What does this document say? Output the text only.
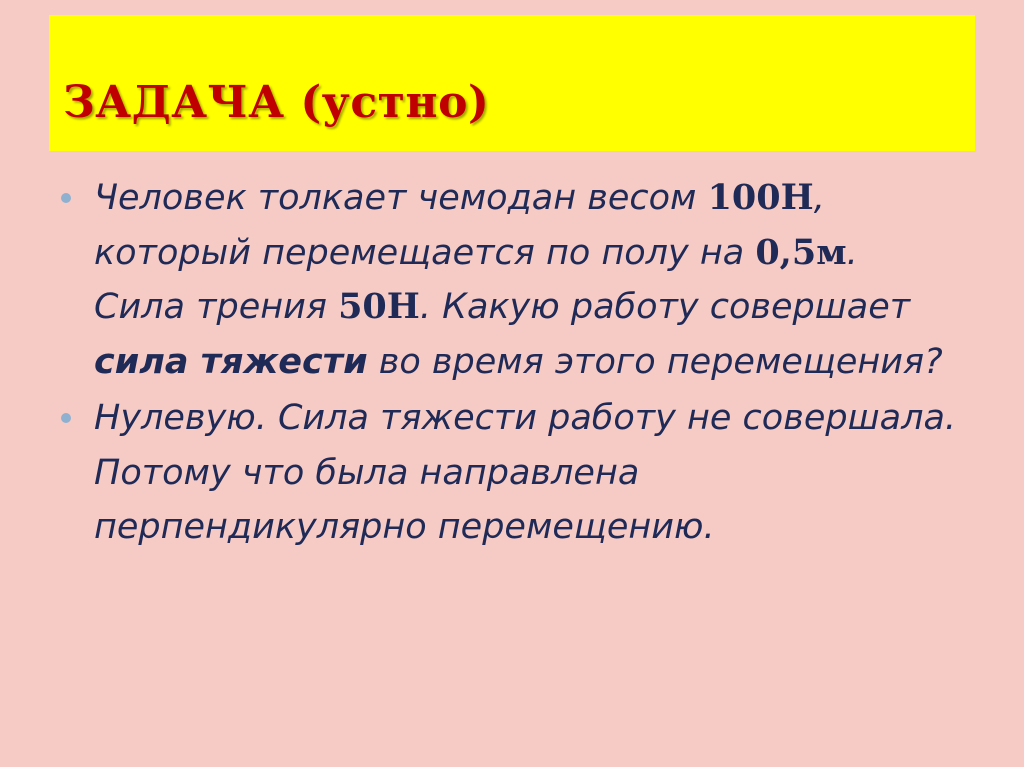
ЗАДАЧА (устно)
Человек толкает чемодан весом 100Н, который перемещается по полу на 0,5м. Сила трения 50Н. Какую работу совершает сила тяжести во время этого перемещения?
Нулевую. Сила тяжести работу не совершала. Потому что была направлена перпендикулярно перемещению.
